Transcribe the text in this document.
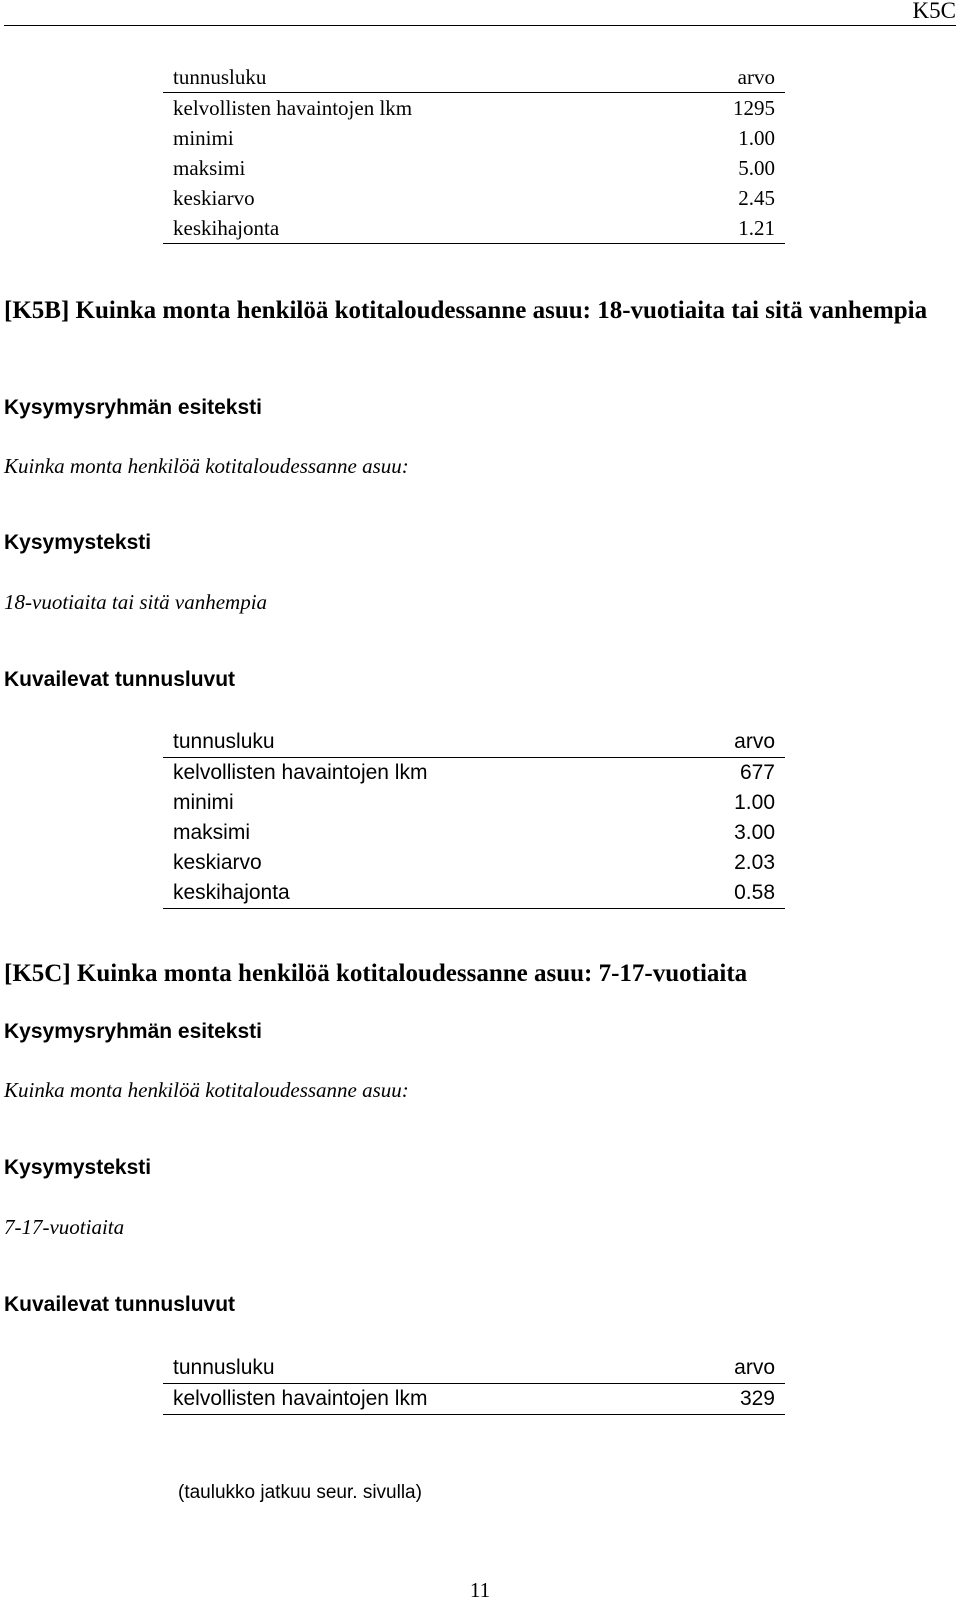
K5C
tunnusluku	arvo
kelvollisten havaintojen lkm	1295
minimi	1.00
maksimi	5.00
keskiarvo	2.45
keskihajonta	1.21
[K5B] Kuinka monta henkilöä kotitaloudessanne asuu: 18-vuotiaita tai sitä vanhempia
Kysymysryhmän esiteksti

Kuinka monta henkilöä kotitaloudessanne asuu:

Kysymysteksti

18-vuotiaita tai sitä vanhempia

Kuvailevat tunnusluvut
tunnusluku	arvo
kelvollisten havaintojen lkm	677
minimi	1.00
maksimi	3.00
keskiarvo	2.03
keskihajonta	0.58
[K5C] Kuinka monta henkilöä kotitaloudessanne asuu: 7-17-vuotiaita
Kysymysryhmän esiteksti

Kuinka monta henkilöä kotitaloudessanne asuu:

Kysymysteksti

7-17-vuotiaita

Kuvailevat tunnusluvut
tunnusluku	arvo
kelvollisten havaintojen lkm	329
(taulukko jatkuu seur. sivulla)
11
